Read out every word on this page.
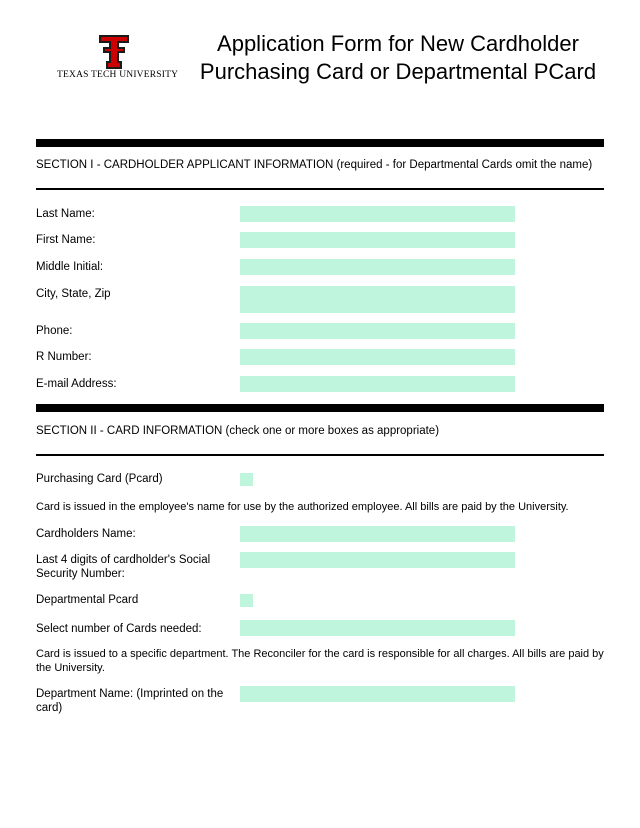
TEXAS TECH UNIVERSITY
Application Form for New Cardholder
Purchasing Card or Departmental PCard
SECTION I - CARDHOLDER APPLICANT INFORMATION (required - for Departmental Cards omit the name)
Last Name:
First Name:
Middle Initial:
City, State, Zip
Phone:
R Number:
E-mail Address:
SECTION II - CARD INFORMATION (check one or more boxes as appropriate)
Purchasing Card (Pcard)
Card is issued in the employee's name for use by the authorized employee. All bills are paid by the University.
Cardholders Name:
Last 4 digits of cardholder's Social
Security Number:
Departmental Pcard
Select number of Cards needed:
Card is issued to a specific department. The Reconciler for the card is responsible for all charges. All bills are paid by
the University.
Department Name: (Imprinted on the
card)
